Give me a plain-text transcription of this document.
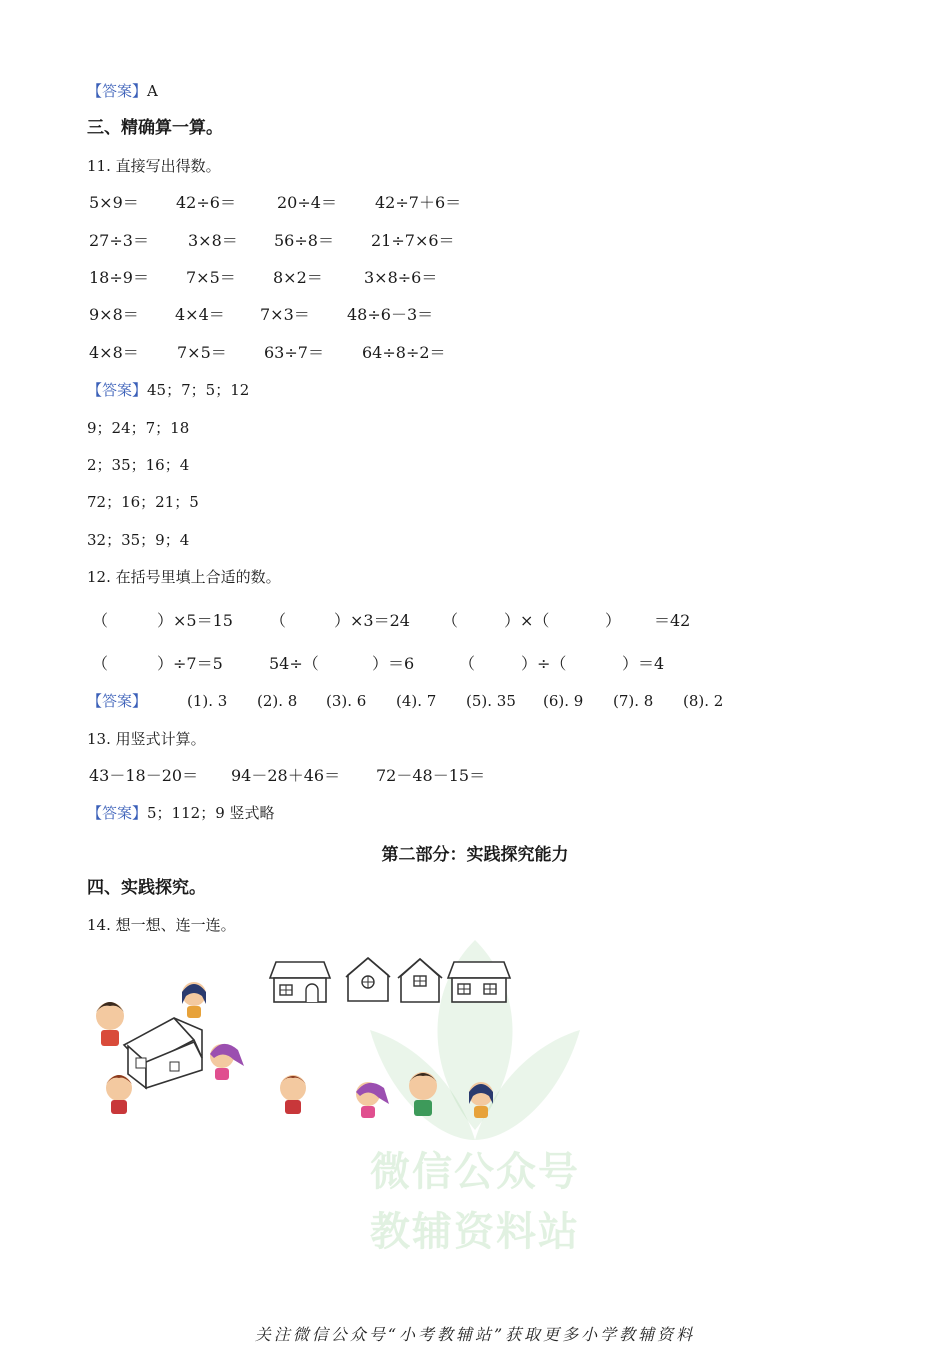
微信公众号
教辅资料站
【答案】A
三、精确算一算。
11. 直接写出得数。
5×9＝ 42÷6＝	20÷4＝ 42÷7＋6＝
27÷3＝ 3×8＝ 56÷8＝ 21÷7×6＝
18÷9＝ 7×5＝ 8×2＝	3×8÷6＝
9×8＝ 4×4＝ 7×3＝ 48÷6－3＝
4×8＝ 7×5＝ 63÷7＝ 64÷8÷2＝
【答案】45；7；5；12
9；24；7；18
2；35；16；4
72；16；21；5
32；35；9；4
12. 在括号里填上合适的数。
（	）×5＝15 （	）×3＝24 （	）×（	） ＝42
（	）÷7＝5	54÷（	）＝6	（	）÷（	）＝4
【答案】	(1). 3 (2). 8 (3). 6 (4). 7 (5). 35 (6). 9 (7). 8 (8). 2
13. 用竖式计算。
43－18－20＝ 94－28＋46＝ 72－48－15＝
【答案】5；112；9 竖式略
第二部分：实践探究能力
四、实践探究。
14. 想一想、连一连。
关注微信公众号“小考教辅站”获取更多小学教辅资料
